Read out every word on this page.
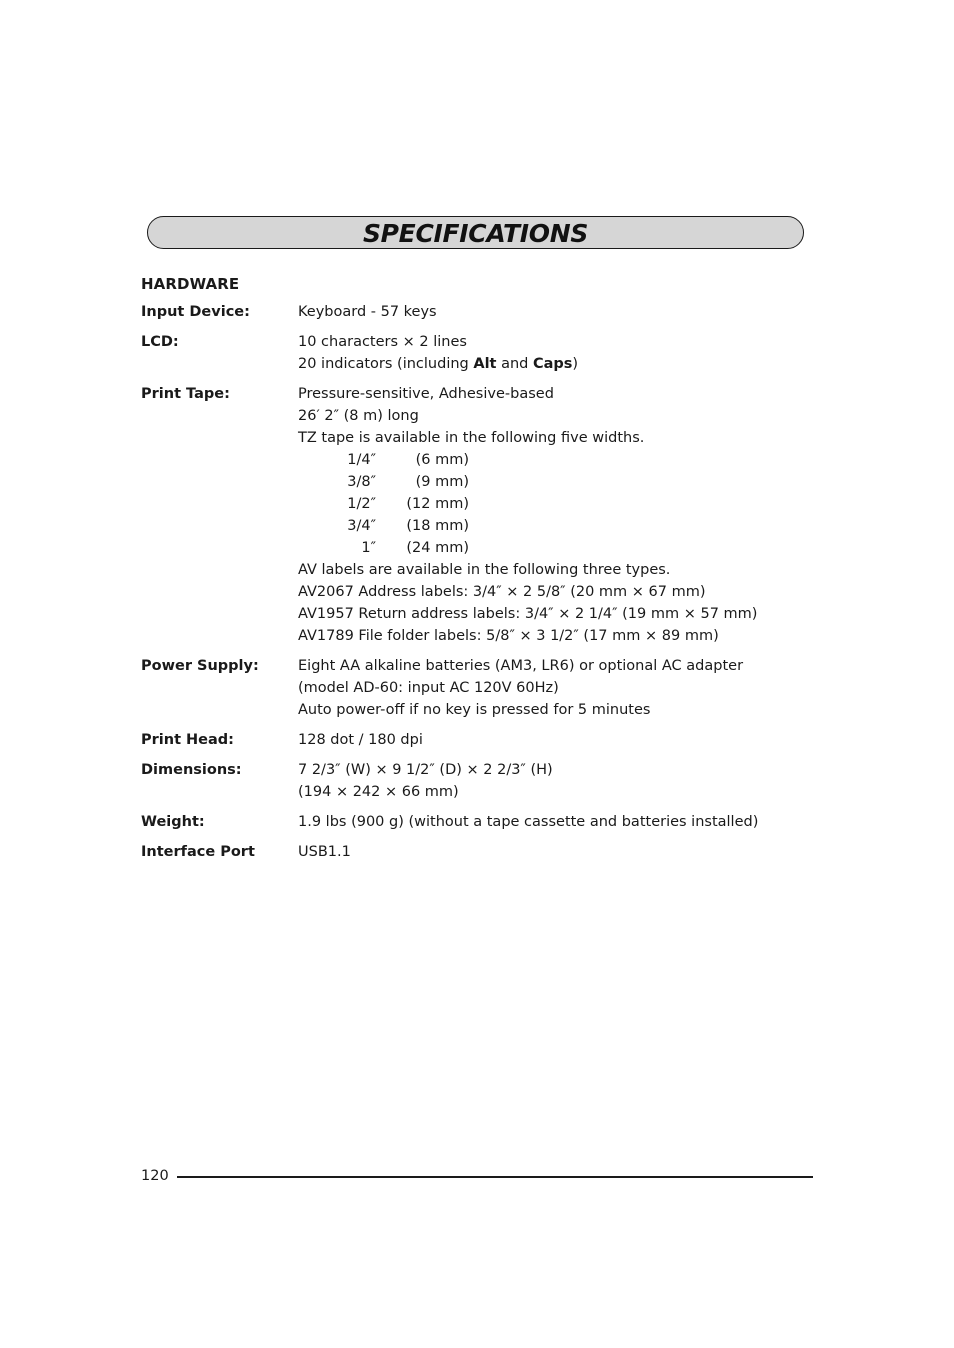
SPECIFICATIONS
HARDWARE
Input Device:	Keyboard - 57 keys
LCD:	10 characters × 2 lines
20 indicators (including Alt and Caps)
Print Tape:	Pressure-sensitive, Adhesive-based
26′ 2″ (8 m) long
TZ tape is available in the following five widths.
1/4″	(6 mm)
3/8″	(9 mm)
1/2″	(12 mm)
3/4″	(18 mm)
1″	(24 mm)
AV labels are available in the following three types.
AV2067 Address labels: 3/4″ × 2 5/8″ (20 mm × 67 mm)
AV1957 Return address labels: 3/4″ × 2 1/4″ (19 mm × 57 mm)
AV1789 File folder labels: 5/8″ × 3 1/2″ (17 mm × 89 mm)
Power Supply:	Eight AA alkaline batteries (AM3, LR6) or optional AC adapter
(model AD-60: input AC 120V 60Hz)
Auto power-off if no key is pressed for 5 minutes
Print Head:	128 dot / 180 dpi
Dimensions:	7 2/3″ (W) × 9 1/2″ (D) × 2 2/3″ (H)
(194 × 242 × 66 mm)
Weight:	1.9 lbs (900 g) (without a tape cassette and batteries installed)
Interface Port	USB1.1
120
